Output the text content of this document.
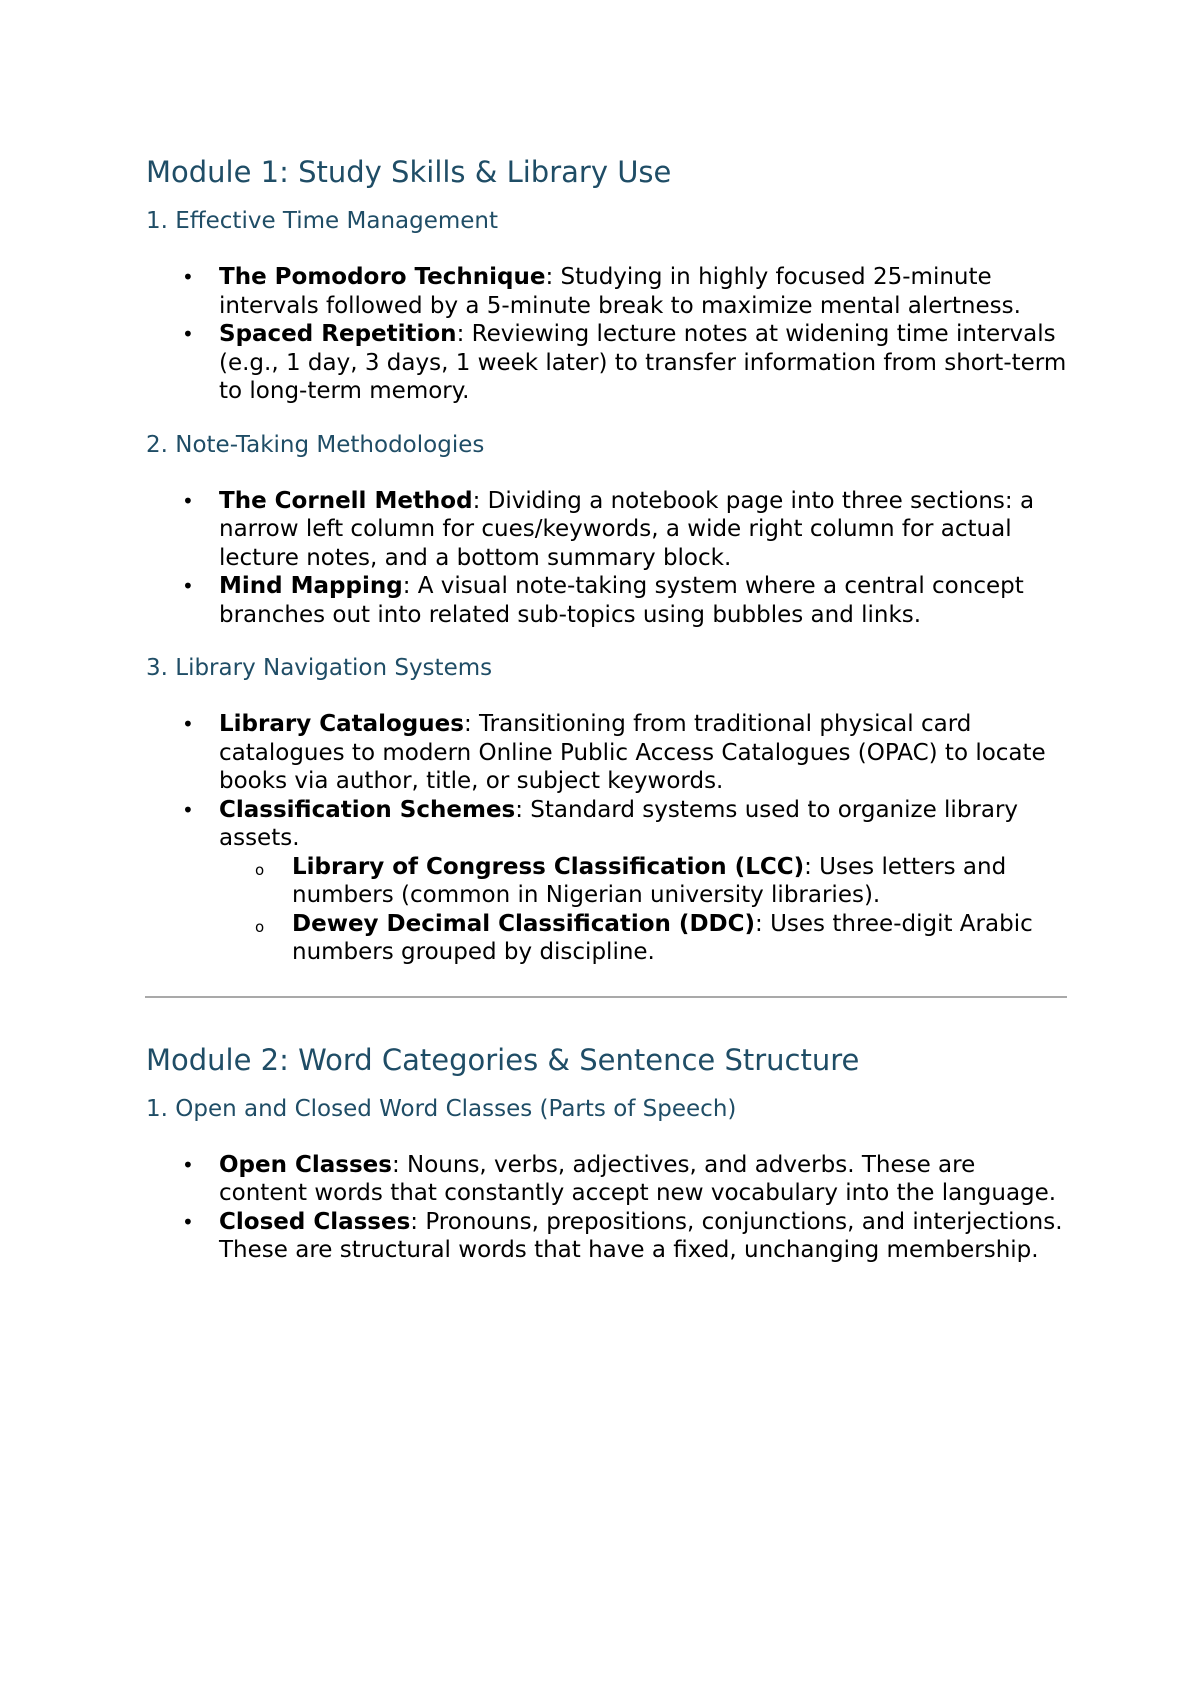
Module 1: Study Skills & Library Use
1. Effective Time Management
• The Pomodoro Technique: Studying in highly focused 25-minute intervals followed by a 5-minute break to maximize mental alertness.
• Spaced Repetition: Reviewing lecture notes at widening time intervals (e.g., 1 day, 3 days, 1 week later) to transfer information from short-term to long-term memory.
2. Note-Taking Methodologies
• The Cornell Method: Dividing a notebook page into three sections: a narrow left column for cues/keywords, a wide right column for actual lecture notes, and a bottom summary block.
• Mind Mapping: A visual note-taking system where a central concept branches out into related sub-topics using bubbles and links.
3. Library Navigation Systems
• Library Catalogues: Transitioning from traditional physical card catalogues to modern Online Public Access Catalogues (OPAC) to locate books via author, title, or subject keywords.
• Classification Schemes: Standard systems used to organize library assets.
o Library of Congress Classification (LCC): Uses letters and numbers (common in Nigerian university libraries).
o Dewey Decimal Classification (DDC): Uses three-digit Arabic numbers grouped by discipline.
Module 2: Word Categories & Sentence Structure
1. Open and Closed Word Classes (Parts of Speech)
• Open Classes: Nouns, verbs, adjectives, and adverbs. These are content words that constantly accept new vocabulary into the language.
• Closed Classes: Pronouns, prepositions, conjunctions, and interjections. These are structural words that have a fixed, unchanging membership.
